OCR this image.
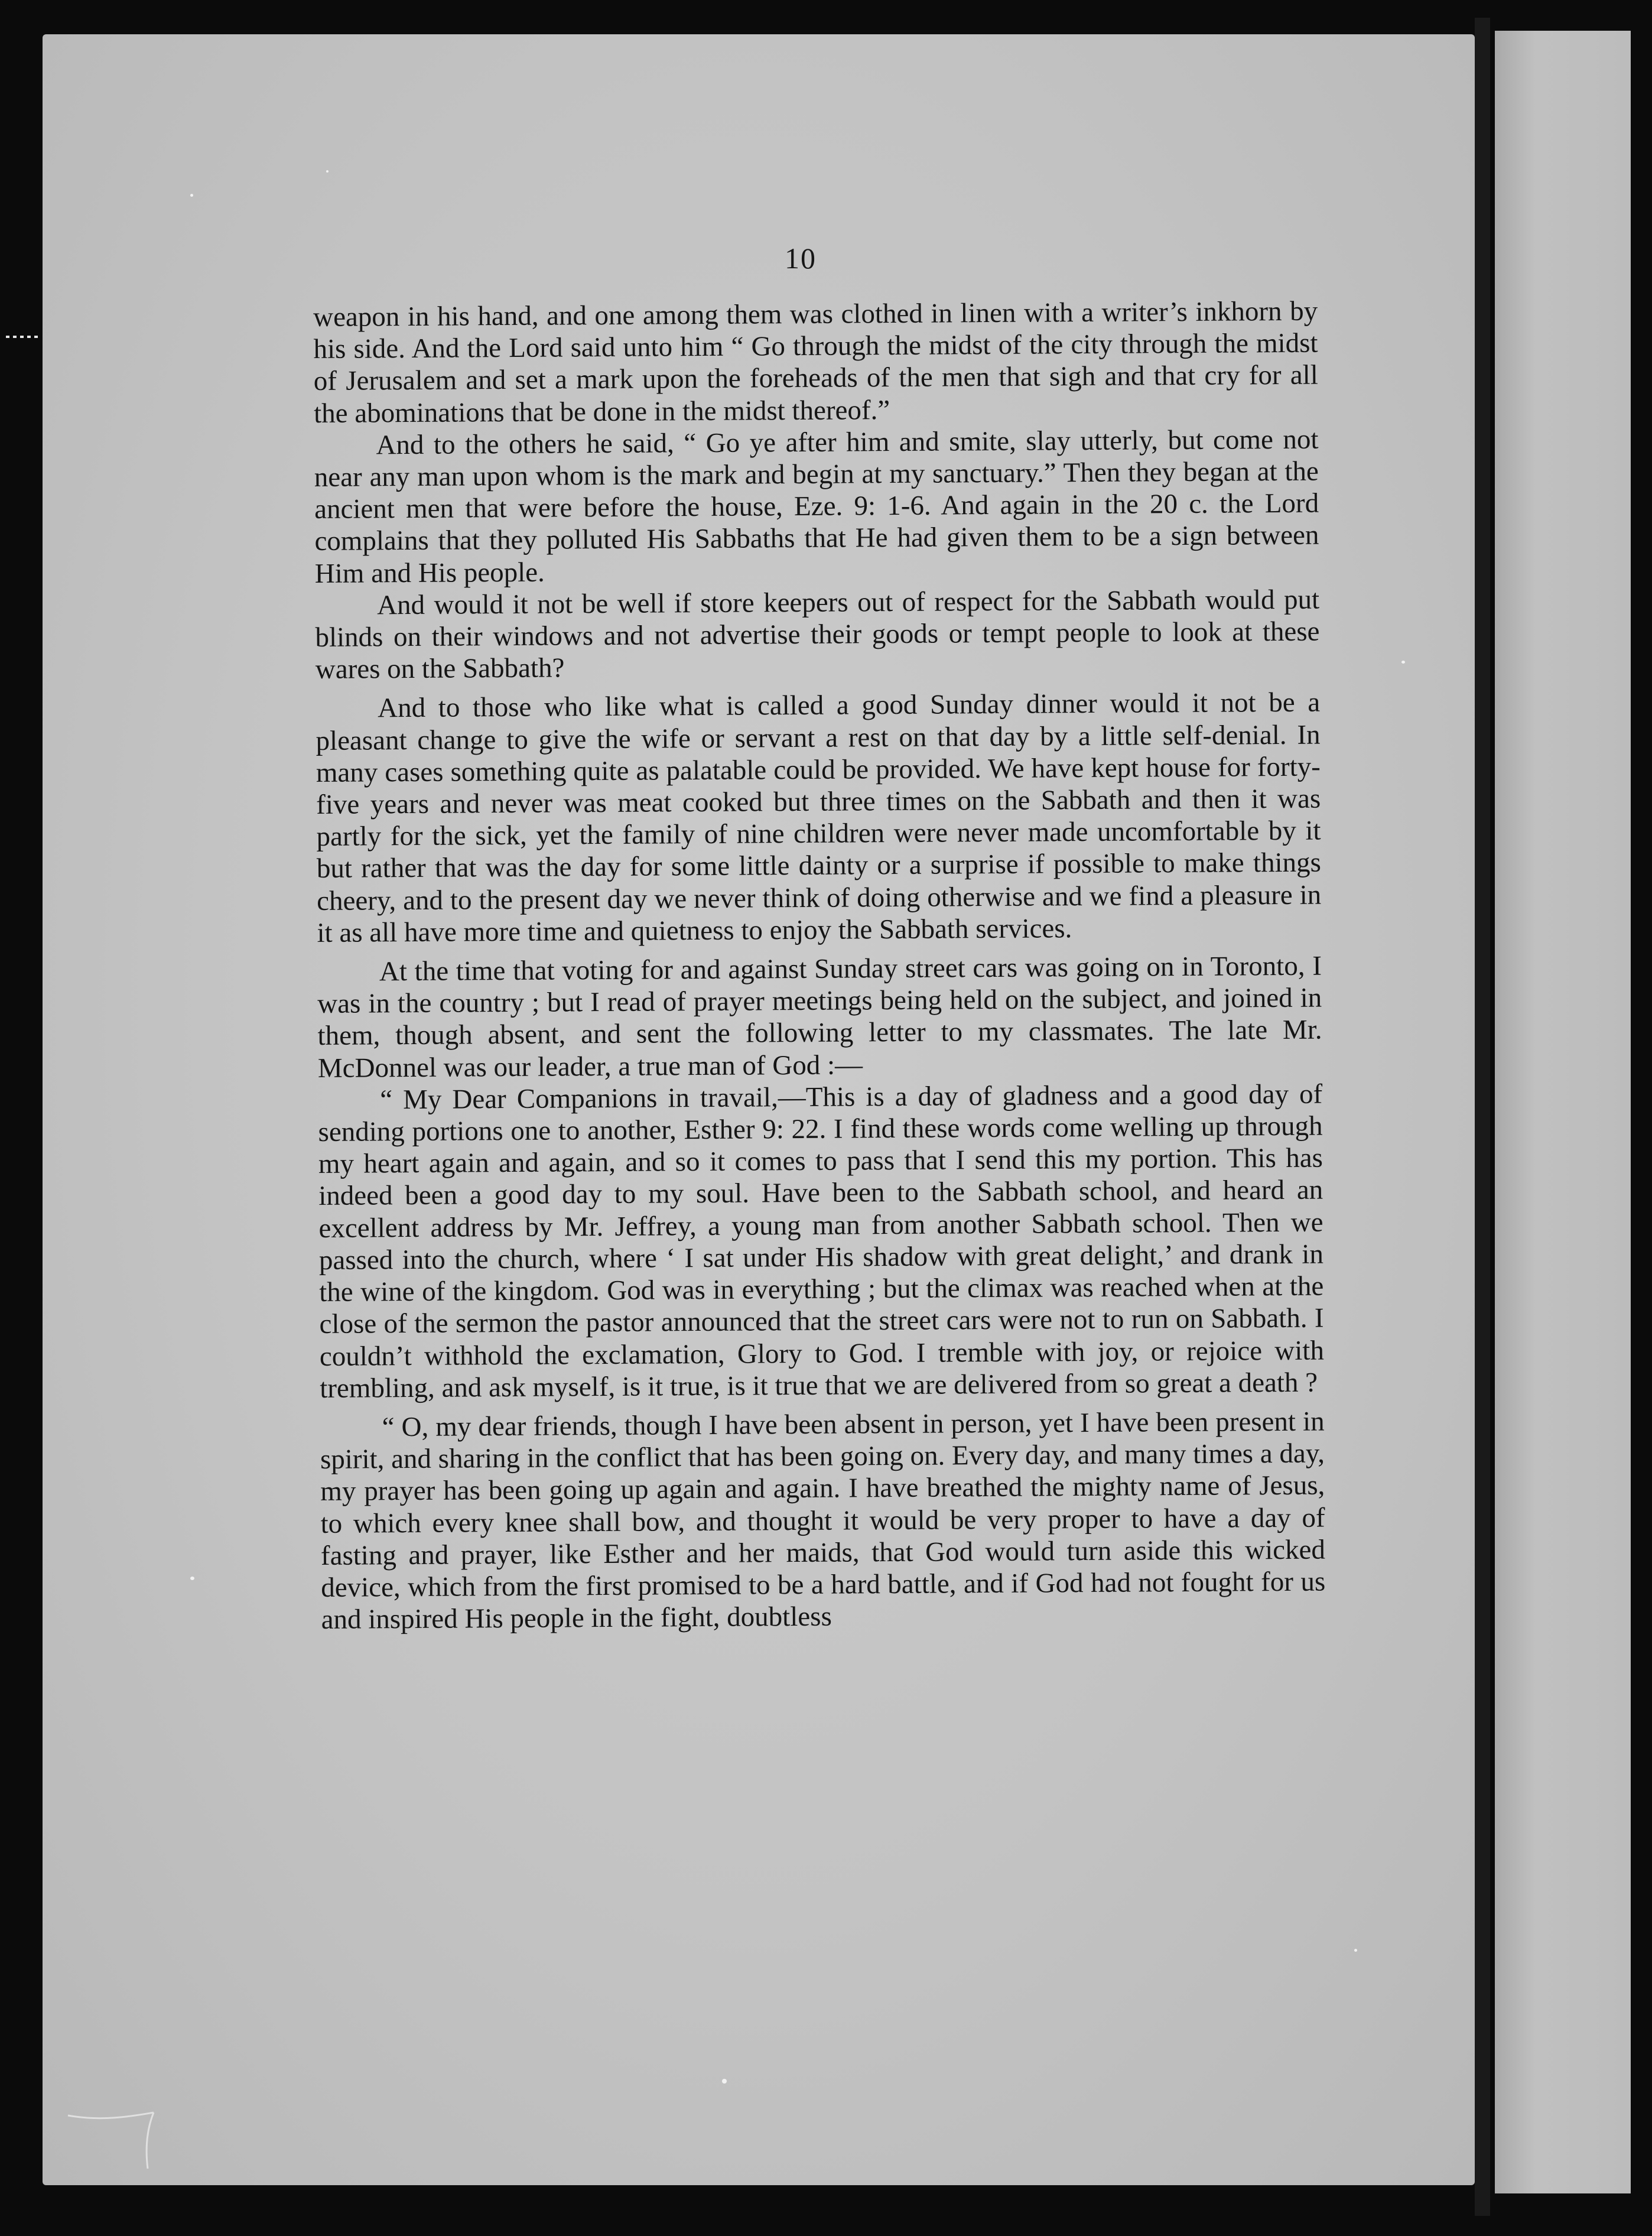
10

weapon in his hand, and one among them was clothed in linen with a writer’s inkhorn by his side. And the Lord said unto him “ Go through the midst of the city through the midst of Jerusalem and set a mark upon the foreheads of the men that sigh and that cry for all the abominations that be done in the midst thereof.”

And to the others he said, “ Go ye after him and smite, slay utterly, but come not near any man upon whom is the mark and begin at my sanctuary.” Then they began at the ancient men that were before the house, Eze. 9: 1-6. And again in the 20 c. the Lord complains that they polluted His Sabbaths that He had given them to be a sign between Him and His people.

And would it not be well if store keepers out of respect for the Sabbath would put blinds on their windows and not advertise their goods or tempt people to look at these wares on the Sabbath?

And to those who like what is called a good Sunday dinner would it not be a pleasant change to give the wife or servant a rest on that day by a little self-denial. In many cases something quite as palatable could be provided. We have kept house for forty-five years and never was meat cooked but three times on the Sabbath and then it was partly for the sick, yet the family of nine children were never made uncomfortable by it but rather that was the day for some little dainty or a surprise if possible to make things cheery, and to the present day we never think of doing otherwise and we find a pleasure in it as all have more time and quietness to enjoy the Sabbath services.

At the time that voting for and against Sunday street cars was going on in Toronto, I was in the country ; but I read of prayer meetings being held on the subject, and joined in them, though absent, and sent the following letter to my classmates. The late Mr. McDonnel was our leader, a true man of God :—

“ My Dear Companions in travail,—This is a day of gladness and a good day of sending portions one to another, Esther 9: 22. I find these words come welling up through my heart again and again, and so it comes to pass that I send this my portion. This has indeed been a good day to my soul. Have been to the Sabbath school, and heard an excellent address by Mr. Jeffrey, a young man from another Sabbath school. Then we passed into the church, where ‘ I sat under His shadow with great delight,’ and drank in the wine of the kingdom. God was in everything ; but the climax was reached when at the close of the sermon the pastor announced that the street cars were not to run on Sabbath. I couldn’t withhold the exclamation, Glory to God. I tremble with joy, or rejoice with trembling, and ask myself, is it true, is it true that we are delivered from so great a death ?

“ O, my dear friends, though I have been absent in person, yet I have been present in spirit, and sharing in the conflict that has been going on. Every day, and many times a day, my prayer has been going up again and again. I have breathed the mighty name of Jesus, to which every knee shall bow, and thought it would be very proper to have a day of fasting and prayer, like Esther and her maids, that God would turn aside this wicked device, which from the first promised to be a hard battle, and if God had not fought for us and inspired His people in the fight, doubtless
